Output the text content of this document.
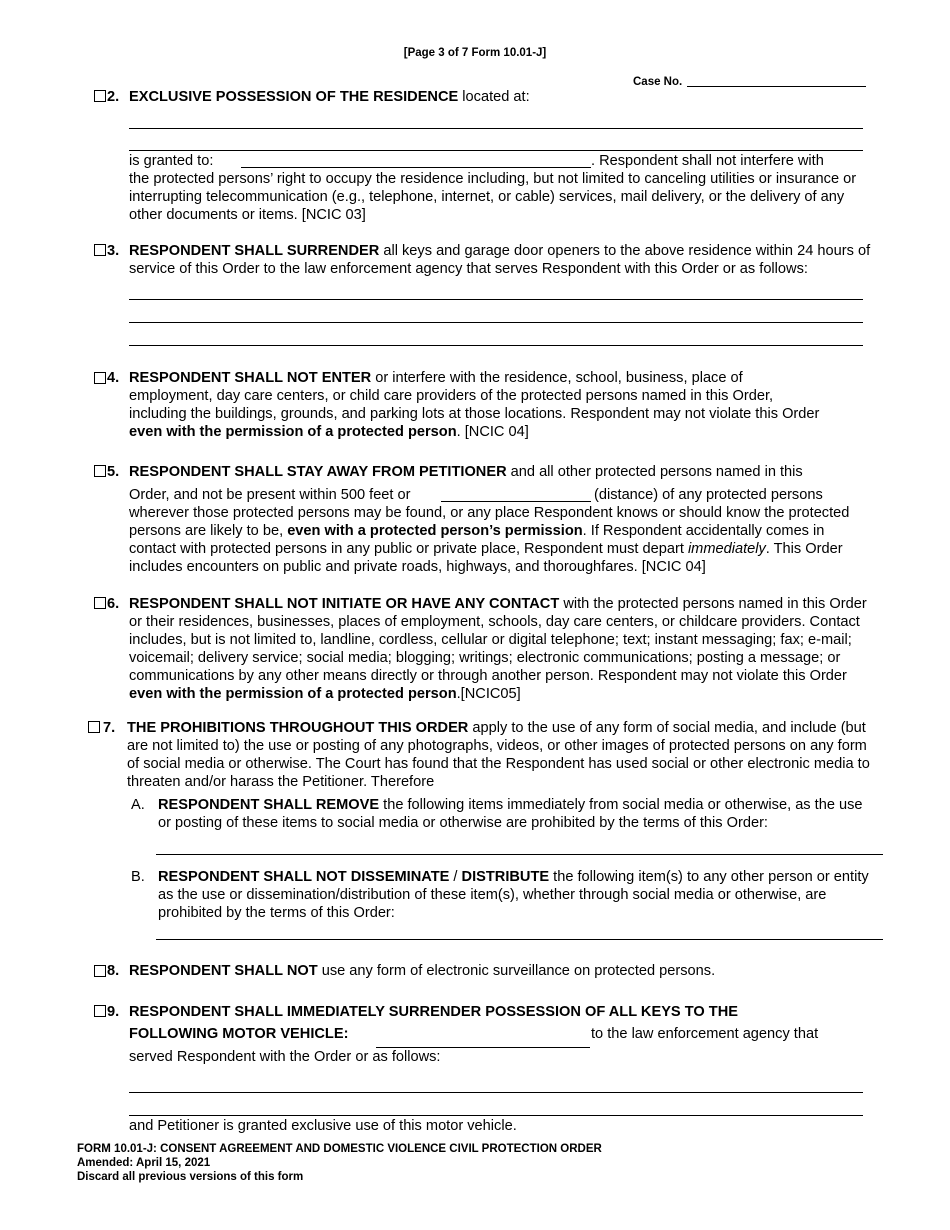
[Page 3 of 7 Form 10.01-J]
Case No.
2. EXCLUSIVE POSSESSION OF THE RESIDENCE located at:
is granted to:	. Respondent shall not interfere with
the protected persons’ right to occupy the residence including, but not limited to canceling utilities or insurance or interrupting telecommunication (e.g., telephone, internet, or cable) services, mail delivery, or the delivery of any other documents or items. [NCIC 03]
3. RESPONDENT SHALL SURRENDER all keys and garage door openers to the above residence within 24 hours of service of this Order to the law enforcement agency that serves Respondent with this Order or as follows:
4. RESPONDENT SHALL NOT ENTER or interfere with the residence, school, business, place of employment, day care centers, or child care providers of the protected persons named in this Order, including the buildings, grounds, and parking lots at those locations. Respondent may not violate this Order even with the permission of a protected person. [NCIC 04]
5. RESPONDENT SHALL STAY AWAY FROM PETITIONER and all other protected persons named in this
Order, and not be present within 500 feet or	(distance) of any protected persons
wherever those protected persons may be found, or any place Respondent knows or should know the protected persons are likely to be, even with a protected person’s permission. If Respondent accidentally comes in contact with protected persons in any public or private place, Respondent must depart immediately. This Order includes encounters on public and private roads, highways, and thoroughfares. [NCIC 04]
6. RESPONDENT SHALL NOT INITIATE OR HAVE ANY CONTACT with the protected persons named in this Order or their residences, businesses, places of employment, schools, day care centers, or childcare providers. Contact includes, but is not limited to, landline, cordless, cellular or digital telephone; text; instant messaging; fax; e-mail; voicemail; delivery service; social media; blogging; writings; electronic communications; posting a message; or communications by any other means directly or through another person. Respondent may not violate this Order even with the permission of a protected person.[NCIC05]
7. THE PROHIBITIONS THROUGHOUT THIS ORDER apply to the use of any form of social media, and include (but are not limited to) the use or posting of any photographs, videos, or other images of protected persons on any form of social media or otherwise. The Court has found that the Respondent has used social or other electronic media to threaten and/or harass the Petitioner. Therefore
A. RESPONDENT SHALL REMOVE the following items immediately from social media or otherwise, as the use or posting of these items to social media or otherwise are prohibited by the terms of this Order:
B. RESPONDENT SHALL NOT DISSEMINATE / DISTRIBUTE the following item(s) to any other person or entity as the use or dissemination/distribution of these item(s), whether through social media or otherwise, are prohibited by the terms of this Order:
8. RESPONDENT SHALL NOT use any form of electronic surveillance on protected persons.
9. RESPONDENT SHALL IMMEDIATELY SURRENDER POSSESSION OF ALL KEYS TO THE
FOLLOWING MOTOR VEHICLE:	to the law enforcement agency that
served Respondent with the Order or as follows:
and Petitioner is granted exclusive use of this motor vehicle.
FORM 10.01-J: CONSENT AGREEMENT AND DOMESTIC VIOLENCE CIVIL PROTECTION ORDER
Amended: April 15, 2021
Discard all previous versions of this form
